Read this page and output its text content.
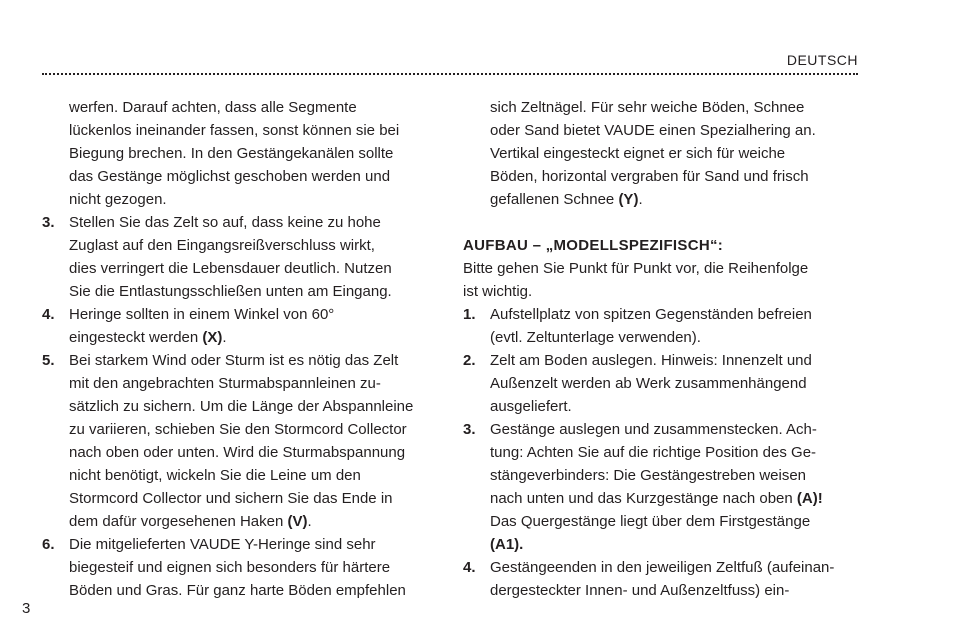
DEUTSCH
werfen. Darauf achten, dass alle Segmente
lückenlos ineinander fassen, sonst können sie bei
Biegung brechen. In den Gestängekanälen sollte
das Gestänge möglichst geschoben werden und
nicht gezogen.
3. Stellen Sie das Zelt so auf, dass keine zu hohe
Zuglast auf den Eingangsreißverschluss wirkt,
dies verringert die Lebensdauer deutlich. Nutzen
Sie die Entlastungsschließen unten am Eingang.
4. Heringe sollten in einem Winkel von 60°
eingesteckt werden (X).
5. Bei starkem Wind oder Sturm ist es nötig das Zelt
mit den angebrachten Sturmabspannleinen zu-
sätzlich zu sichern. Um die Länge der Abspannleine
zu variieren, schieben Sie den Stormcord Collector
nach oben oder unten. Wird die Sturmabspannung
nicht benötigt, wickeln Sie die Leine um den
Stormcord Collector und sichern Sie das Ende in
dem dafür vorgesehenen Haken (V).
6. Die mitgelieferten VAUDE Y-Heringe sind sehr
biegesteif und eignen sich besonders für härtere
Böden und Gras. Für ganz harte Böden empfehlen
sich Zeltnägel. Für sehr weiche Böden, Schnee
oder Sand bietet VAUDE einen Spezialhering an.
Vertikal eingesteckt eignet er sich für weiche
Böden, horizontal vergraben für Sand und frisch
gefallenen Schnee (Y).
AUFBAU – „MODELLSPEZIFISCH“:
Bitte gehen Sie Punkt für Punkt vor, die Reihenfolge
ist wichtig.
1. Aufstellplatz von spitzen Gegenständen befreien
(evtl. Zeltunterlage verwenden).
2. Zelt am Boden auslegen. Hinweis: Innenzelt und
Außenzelt werden ab Werk zusammenhängend
ausgeliefert.
3. Gestänge auslegen und zusammenstecken. Ach-
tung: Achten Sie auf die richtige Position des Ge-
stängeverbinders: Die Gestängestreben weisen
nach unten und das Kurzgestänge nach oben (A)!
Das Quergestänge liegt über dem Firstgestänge
(A1).
4. Gestängeenden in den jeweiligen Zeltfuß (aufeinan-
dergesteckter Innen- und Außenzeltfuss) ein-
3
